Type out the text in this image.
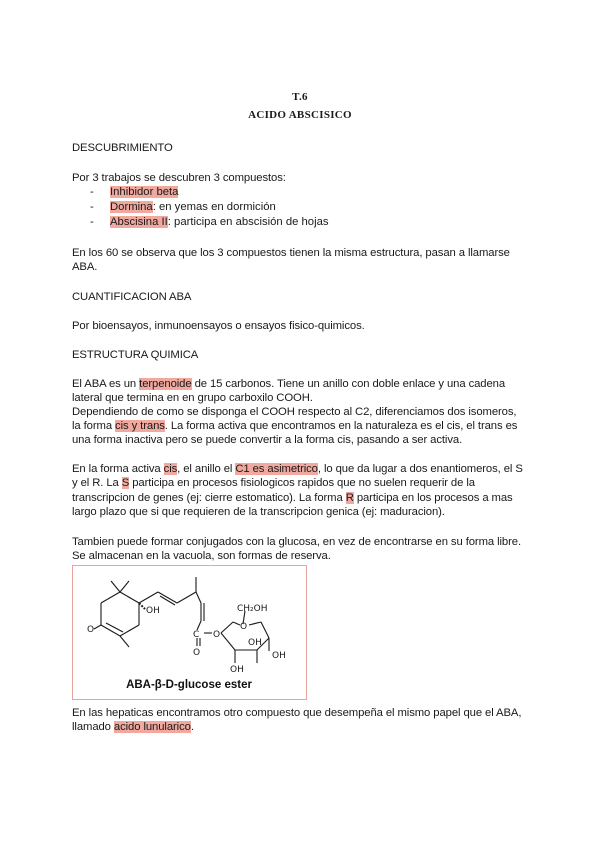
T.6
ACIDO ABSCISICO
DESCUBRIMIENTO
Por 3 trabajos se descubren 3 compuestos:
- Inhibidor beta
- Dormina: en yemas en dormición
- Abscisina II: participa en abscisión de hojas
En los 60 se observa que los 3 compuestos tienen la misma estructura, pasan a llamarse
ABA.
CUANTIFICACION ABA
Por bioensayos, inmunoensayos o ensayos fisico-quimicos.
ESTRUCTURA QUIMICA
El ABA es un terpenoide de 15 carbonos. Tiene un anillo con doble enlace y una cadena
lateral que termina en en grupo carboxilo COOH.
Dependiendo de como se disponga el COOH respecto al C2, diferenciamos dos isomeros,
la forma cis y trans. La forma activa que encontramos en la naturaleza es el cis, el trans es
una forma inactiva pero se puede convertir a la forma cis, pasando a ser activa.
En la forma activa cis, el anillo el C1 es asimetrico, lo que da lugar a dos enantiomeros, el S
y el R. La S participa en procesos fisiologicos rapidos que no suelen requerir de la
transcripcion de genes (ej: cierre estomatico). La forma R participa en los procesos a mas
largo plazo que si que requieren de la transcripcion genica (ej: maduracion).
Tambien puede formar conjugados con la glucosa, en vez de encontrarse en su forma libre.
Se almacenan en la vacuola, son formas de reserva.
O
OH
C
O
O
O
CH₂OH
OH
OH
OH
ABA-β-D-glucose ester
En las hepaticas encontramos otro compuesto que desempeña el mismo papel que el ABA,
llamado acido lunularico.
